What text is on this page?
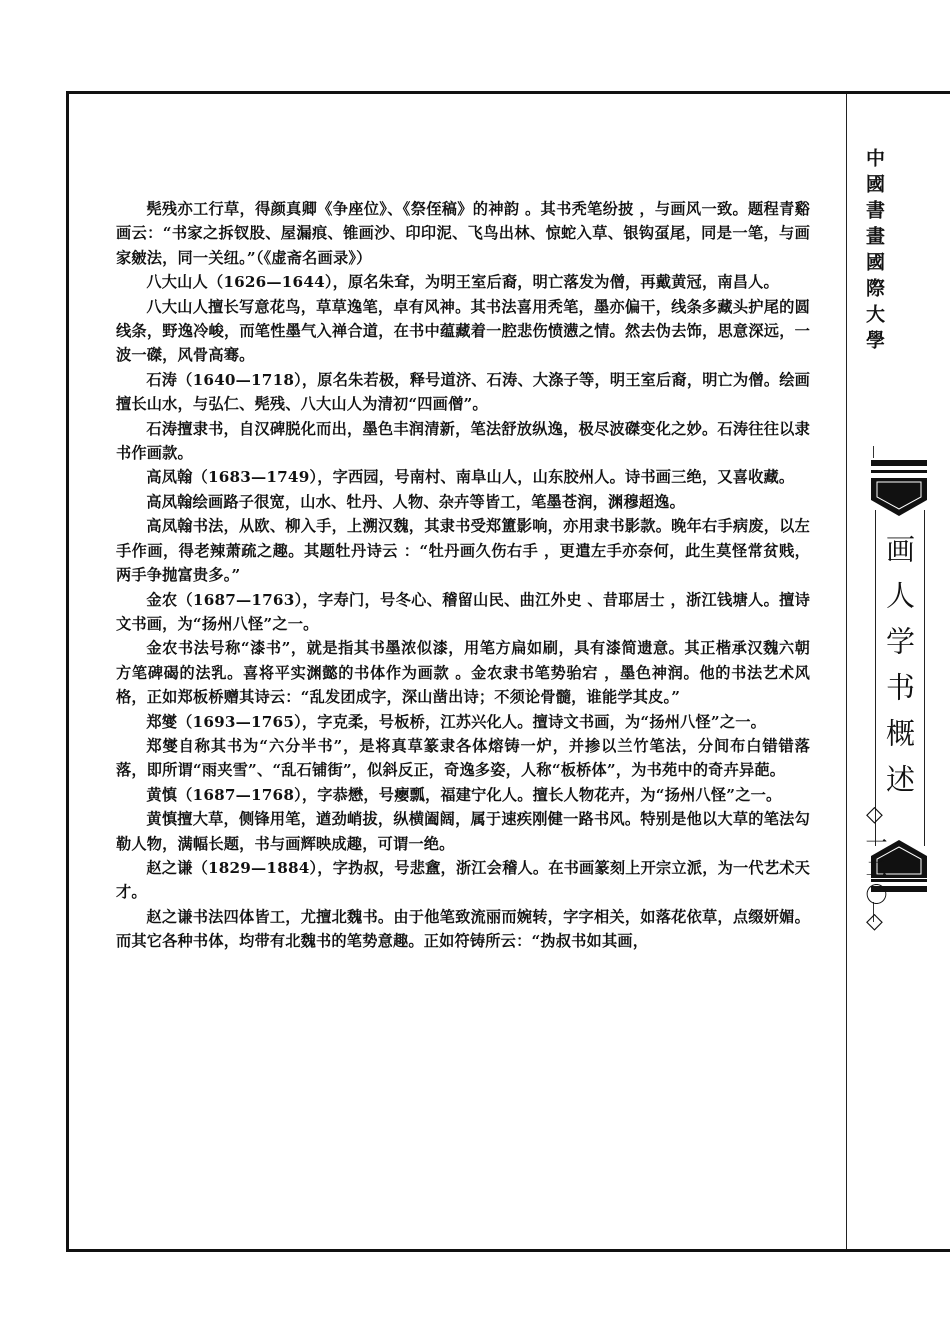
髡残亦工行草，得颜真卿《争座位》、《祭侄稿》的神韵 。其书秃笔纷披 ，与画风一致。题程青谿画云：“书家之拆钗股、屋漏痕、锥画沙、印印泥、飞鸟出林、惊蛇入草、银钩虿尾，同是一笔，与画家皴法，同一关纽。”（《虚斋名画录》）

八大山人（1626—1644），原名朱耷，为明王室后裔，明亡落发为僧，再戴黄冠，南昌人。

八大山人擅长写意花鸟，草草逸笔，卓有风神。其书法喜用秃笔，墨亦偏干，线条多藏头护尾的圆线条，野逸冷峻，而笔性墨气入禅合道，在书中蕴藏着一腔悲伤愤懑之情。然去伪去饰，思意深远，一波一磔，风骨高骞。

石涛（1640—1718），原名朱若极，释号道济、石涛、大涤子等，明王室后裔，明亡为僧。绘画擅长山水，与弘仁、髡残、八大山人为清初“四画僧”。

石涛擅隶书，自汉碑脱化而出，墨色丰润清新，笔法舒放纵逸，极尽波磔变化之妙。石涛往往以隶书作画款。

高凤翰（1683—1749），字西园，号南村、南阜山人，山东胶州人。诗书画三绝，又喜收藏。

高凤翰绘画路子很宽，山水、牡丹、人物、杂卉等皆工，笔墨苍润，渊穆超逸。

高凤翰书法，从欧、柳入手，上溯汉魏，其隶书受郑簠影响，亦用隶书影款。晚年右手病废，以左手作画，得老辣萧疏之趣。其题牡丹诗云 ：“牡丹画久伤右手 ，更遣左手亦奈何，此生莫怪常贫贱，两手争抛富贵多。”

金农（1687—1763），字寿门，号冬心、稽留山民、曲江外史 、昔耶居士 ，浙江钱塘人。擅诗文书画，为“扬州八怪”之一。

金农书法号称“漆书”，就是指其书墨浓似漆，用笔方扁如刷，具有漆简遗意。其正楷承汉魏六朝方笔碑碣的法乳。喜将平实渊懿的书体作为画款 。金农隶书笔势骀宕 ，墨色神润。他的书法艺术风格，正如郑板桥赠其诗云：“乱发团成字，深山凿出诗；不须论骨髓，谁能学其皮。”

郑燮（1693—1765），字克柔，号板桥，江苏兴化人。擅诗文书画，为“扬州八怪”之一。

郑燮自称其书为“六分半书”，是将真草篆隶各体熔铸一炉，并掺以兰竹笔法，分间布白错错落落，即所谓“雨夹雪”、“乱石铺街”，似斜反正，奇逸多姿，人称“板桥体”，为书苑中的奇卉异葩。

黄慎（1687—1768），字恭懋，号瘿瓢，福建宁化人。擅长人物花卉，为“扬州八怪”之一。

黄慎擅大草，侧锋用笔，遒劲峭拔，纵横阖阔，属于速疾刚健一路书风。特别是他以大草的笔法勾勒人物，满幅长题，书与画辉映成趣，可谓一绝。

赵之谦（1829—1884），字㧑叔，号悲盦，浙江会稽人。在书画篆刻上开宗立派，为一代艺术天才。

赵之谦书法四体皆工，尤擅北魏书。由于他笔致流丽而婉转，字字相关，如落花依草，点缀妍媚。而其它各种书体，均带有北魏书的笔势意趣。正如符铸所云：“㧑叔书如其画，

中國書畫國際大學
画人学书概述
◇一二〇◇
